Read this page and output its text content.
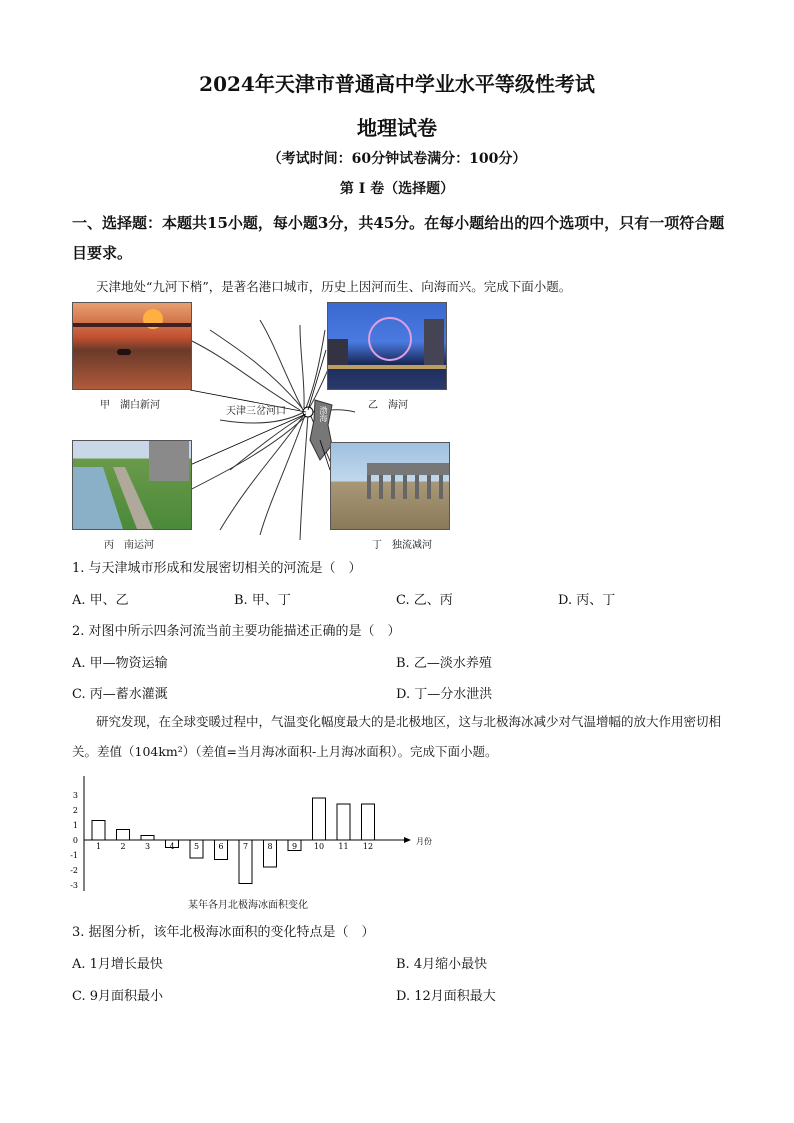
2024年天津市普通高中学业水平等级性考试
地理试卷
（考试时间：60分钟试卷满分：100分）
第 I 卷（选择题）
一、选择题：本题共15小题，每小题3分，共45分。在每小题给出的四个选项中，只有一项符合题目要求。
天津地处“九河下梢”，是著名港口城市，历史上因河而生、向海而兴。完成下面小题。
天津三岔河口	渤海
甲　湖白新河	乙　海河
丙　南运河	丁　独流减河
1. 与天津城市形成和发展密切相关的河流是（　）
A. 甲、乙	B. 甲、丁	C. 乙、丙	D. 丙、丁
2. 对图中所示四条河流当前主要功能描述正确的是（　）
A. 甲—物资运输	B. 乙—淡水养殖
C. 丙—蓄水灌溉	D. 丁—分水泄洪
研究发现，在全球变暖过程中，气温变化幅度最大的是北极地区，这与北极海冰减少对气温增幅的放大作用密切相关。差值（104km²）（差值=当月海冰面积-上月海冰面积）。完成下面小题。
3
2
1
0
-1
-2
-3
1 2 3 4 5 6 7 8 9 10 11 12
月份
某年各月北极海冰面积变化
3. 据图分析，该年北极海冰面积的变化特点是（　）
A. 1月增长最快	B. 4月缩小最快
C. 9月面积最小	D. 12月面积最大
